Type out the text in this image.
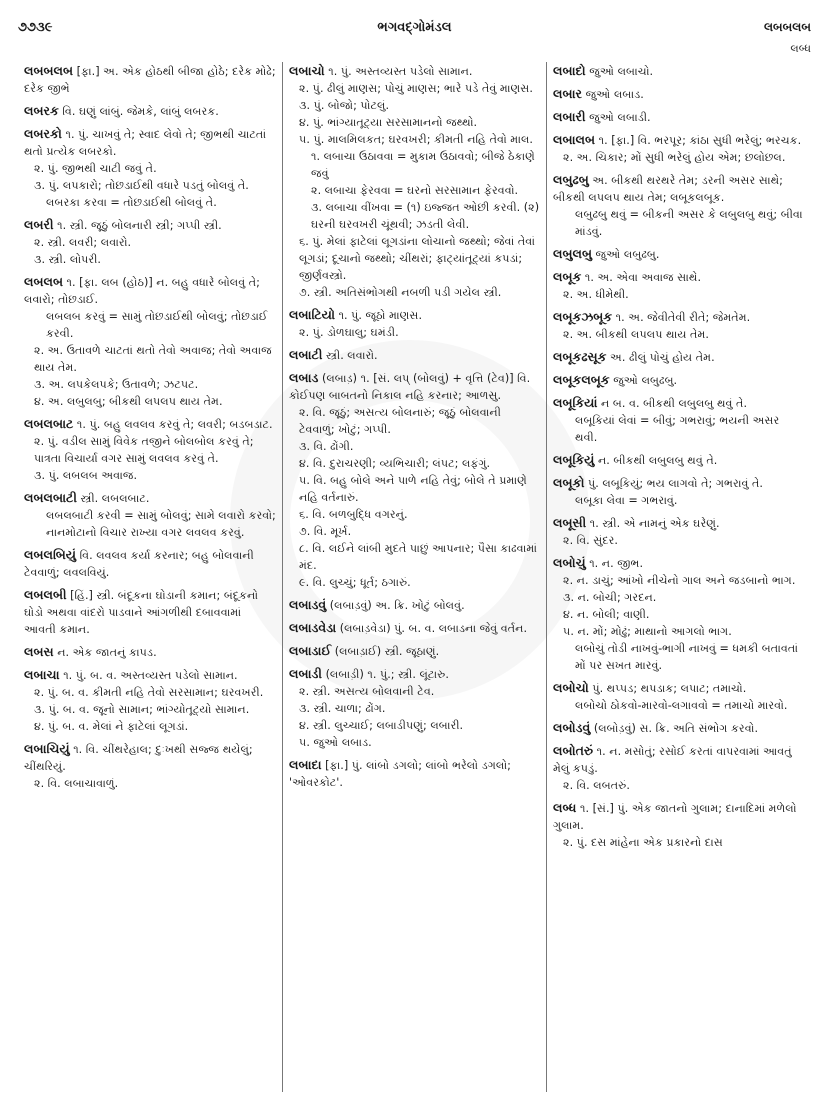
૭૭૩૯	ભગવદ્ગોમંડલ	લબબલબ
લબ્ધ
લબબલબ [ફા.] અ. એક હોઠથી બીજા હોઠે; દરેક મોઢે; દરેક જીભે
લબરક વિ. ઘણું લાંબું. જેમકે, લાંબું લબરક.
લબરકો ૧. પું. ચાખવું તે; સ્વાદ લેવો તે; જીભથી ચાટતાં થતો પ્રત્યેક લબરકો.
૨. પું. જીભથી ચાટી જવું તે.
૩. પું. લપકારો; તોછડાઈથી વધારે પડતું બોલવું તે.
લબરકા કરવા = તોછડાઈથી બોલવું તે.
લબરી ૧. સ્ત્રી. જૂઠું બોલનારી સ્ત્રી; ગપ્પી સ્ત્રી.
૨. સ્ત્રી. લવરી; લવારો.
૩. સ્ત્રી. લોપરી.
લબલબ ૧. [ફા. લબ (હોઠ)] ન. બહુ વધારે બોલવું તે; લવારો; તોછડાઈ.
લબલબ કરવું = સામું તોછડાઈથી બોલવું; તોછડાઈ કરવી.
૨. અ. ઉતાવળે ચાટતાં થતો તેવો અવાજ; તેવો અવાજ થાય તેમ.
૩. અ. લપકેલપકે; ઉતાવળે; ઝટપટ.
૪. અ. લબુલબુ; બીકથી લપલપ થાય તેમ.
લબલબાટ ૧. પું. બહુ લવલવ કરવું તે; લવરી; બડબડાટ.
૨. પું. વડીલ સામું વિવેક તજીને બોલબોલ કરવું તે; પાત્રતા વિચાર્યા વગર સામું લવલવ કરવું તે.
૩. પું. લબલબ અવાજ.
લબલબાટી સ્ત્રી. લબલબાટ.
લબલબાટી કરવી = સામું બોલવું; સામે લવારો કરવો; નાનમોટાનો વિચાર રાખ્યા વગર લવલવ કરવું.
લબલબિયું વિ. લવલવ કર્યા કરનાર; બહુ બોલવાની ટેવવાળું; લવલવિયું.
લબલબી [હિં.] સ્ત્રી. બંદૂકના ઘોડાની કમાન; બંદૂકનો ઘોડો અથવા વાંદરો પાડવાને આંગળીથી દબાવવામાં આવતી કમાન.
લબસ ન. એક જાતનું કાપડ.
લબાચા ૧. પું. બ. વ. અસ્તવ્યસ્ત પડેલો સામાન.
૨. પું. બ. વ. કીમતી નહિ તેવો સરસામાન; ઘરવખરી.
૩. પું. બ. વ. જૂનો સામાન; ભાંગ્યોતૂટ્યો સામાન.
૪. પું. બ. વ. મેલાં ને ફાટેલાં લૂગડાં.
લબાચિયું ૧. વિ. ચીંથરેહાલ; દુઃખથી સજ્જ થયેલું; ચીંથરિયું.
૨. વિ. લબાચાવાળું.
લબાચો ૧. પું. અસ્તવ્યસ્ત પડેલો સામાન.
૨. પું. ઢીલું માણસ; પોચું માણસ; ભારે પડે તેવું માણસ.
૩. પું. બોજો; પોટલું.
૪. પું. ભાંગ્યાતૂટ્યા સરસામાનનો જથ્થો.
૫. પું. માલમિલકત; ઘરવખરી; કીમતી નહિ તેવો માલ.
૧. લબાચા ઉઠાવવા = મુકામ ઉઠાવવો; બીજે ઠેકાણે જવું
૨. લબાચા ફેરવવા = ઘરનો સરસામાન ફેરવવો.
૩. લબાચા વીંખવા = (૧) ઇજ્જત ઓછી કરવી. (૨) ઘરની ઘરવખરી ચૂંથવી; ઝડતી લેવી.
૬. પું. મેલાં ફાટેલાં લૂગડાંના લોચાનો જથ્થો; જેવાં તેવાં લૂગડાં; દૂચાનો જથ્થો; ચીંથરાં; ફાટ્યાંતૂટ્યાં કપડાં; જીર્ણવસ્ત્રો.
૭. સ્ત્રી. અતિસંભોગથી નબળી પડી ગયેલ સ્ત્રી.
લબાટિયો ૧. પું. જૂઠો માણસ.
૨. પું. ડોળઘાલુ; ઘમંડી.
લબાટી સ્ત્રી. લવારો.
લબાડ (લબાડ઼) ૧. [સં. લપ્ (બોલવું) + વૃત્તિ (ટેવ)] વિ. કોઈપણ બાબતનો નિકાલ નહિ કરનાર; આળસુ.
૨. વિ. જૂઠું; અસત્ય બોલનારું; જૂઠું બોલવાની ટેવવાળું; ખોટું; ગપ્પી.
૩. વિ. ઢોંગી.
૪. વિ. દુરાચરણી; વ્યભિચારી; લંપટ; લફંગું.
૫. વિ. બહુ બોલે અને પાળે નહિ તેવું; બોલે તે પ્રમાણે નહિ વર્તનારું.
૬. વિ. બળબુદ્ધિ વગરનું.
૭. વિ. મૂર્ખ.
૮. વિ. લઈને લાંબી મુદતે પાછું આપનાર; પૈસા કાઢવામાં મંદ.
૯. વિ. લુચ્ચું; ધૂર્ત; ઠગારું.
લબાડવું (લબાડ઼વું) અ. ક્રિ. ખોટું બોલવું.
લબાડવેડા (લબાડ઼વેડા) પું. બ. વ. લબાડના જેવું વર્તન.
લબાડાઈ (લબાડ઼ાઈ) સ્ત્રી. જૂઠાણું.
લબાડી (લબાડ઼ી) ૧. પું.; સ્ત્રી. લૂંટારુ.
૨. સ્ત્રી. અસત્ય બોલવાની ટેવ.
૩. સ્ત્રી. ચાળા; ઢોંગ.
૪. સ્ત્રી. લુચ્ચાઈ; લબાડીપણું; લબારી.
૫. જુઓ લબાડ.
લબાદા [ફા.] પું. લાંબો ડગલો; લાંબો ભરેલો ડગલો; 'ઓવરકોટ'.
લબાદો જુઓ લબાચો.
લબાર જુઓ લબાડ.
લબારી જુઓ લબાડી.
લબાલબ ૧. [ફા.] વિ. ભરપૂર; કાંઠા સુધી ભરેલું; ભરચક.
૨. અ. ચિકાર; મોં સુધી ભરેલું હોય એમ; છલોછલ.
લબુઢબુ અ. બીકથી થરથરે તેમ; ડરની અસર સાથે; બીકથી લપલપ થાય તેમ; લબૂકલબૂક.
લબુઢબુ થવું = બીકની અસર કે લબુલબુ થવું; બીવા માંડવું.
લબુલબુ જુઓ લબુઢબુ.
લબૂક ૧. અ. એવા અવાજ સાથે.
૨. અ. ધીમેથી.
લબૂકઝબૂક ૧. અ. જેવીતેવી રીતે; જેમતેમ.
૨. અ. બીકથી લપલપ થાય તેમ.
લબૂકઢસૂક અ. ઢીલું પોચું હોય તેમ.
લબૂકલબૂક જુઓ લબુઢબુ.
લબૂકિયાં ન બ. વ. બીકથી લબુલબુ થવું તે.
લબૂકિયાં લેવાં = બીવું; ગભરાવું; ભયની અસર થવી.
લબૂકિયું ન. બીકથી લબુલબુ થવું તે.
લબૂકો પું. લબૂકિયું; ભય લાગવો તે; ગભરાવું તે.
લબૂકા લેવા = ગભરાવું.
લબૂસી ૧. સ્ત્રી. એ નામનું એક ઘરેણું.
૨. વિ. સુંદર.
લબોચું ૧. ન. જીભ.
૨. ન. ડાચું; આંખો નીચેનો ગાલ અને જડબાનો ભાગ.
૩. ન. બોચી; ગરદન.
૪. ન. બોલી; વાણી.
૫. ન. મોં; મોઢું; માથાનો આગલો ભાગ.
લબોચું તોડી નાખવું-ભાગી નાખવું = ધમકી બતાવતાં મોં પર સખત મારવું.
લબોચો પું. થપ્પડ; થપડાક; લપાટ; તમાચો.
લબોચો ઠોકવો-મારવો-લગાવવો = તમાચો મારવો.
લબોડવું (લબોડ઼વું) સ. ક્રિ. અતિ સંભોગ કરવો.
લબોતરું ૧. ન. મસોતું; રસોઈ કરતાં વાપરવામાં આવતું મેલું કપડું.
૨. વિ. લબતરું.
લબ્ધ ૧. [સં.] પું. એક જાતનો ગુલામ; દાનાદિમાં મળેલો ગુલામ.
૨. પું. દસ માંહેના એક પ્રકારનો દાસ
